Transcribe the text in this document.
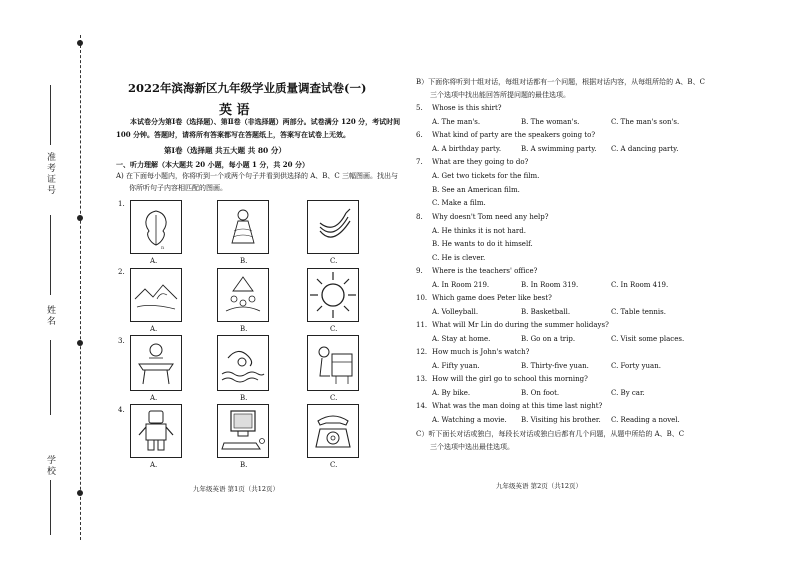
准考证号
姓名
学校
2022年滨海新区九年级学业质量调查试卷(一)
英 语
本试卷分为第Ⅰ卷（选择题）、第Ⅱ卷（非选择题）两部分。试卷满分 120 分，考试时间
100 分钟。答题时，请将所有答案都写在答题纸上，答案写在试卷上无效。
第Ⅰ卷（选择题 共五大题 共 80 分）
一、听力理解（本大题共 20 小题，每小题 1 分，共 20 分）
A) 在下面每小题内，你将听到一个或两个句子并看到供选择的 A、B、C 三幅图画。找出与
你所听句子内容相匹配的图画。
1.
n
A.	B.	C.
2.
A.	B.	C.
3.
A.	B.	C.
4.
A.	B.	C.
九年级英语 第1页（共12页）
B）下面你将听到十组对话，每组对话都有一个问题，根据对话内容，从每组所给的 A、B、C
三个选项中找出能回答所提问题的最佳选项。
5. Whose is this shirt?
A. The man's.	B. The woman's.	C. The man's son's.
6. What kind of party are the speakers going to?
A. A birthday party.	B. A swimming party. C. A dancing party.
7. What are they going to do?
A. Get two tickets for the film.
B. See an American film.
C. Make a film.
8. Why doesn't Tom need any help?
A. He thinks it is not hard.
B. He wants to do it himself.
C. He is clever.
9. Where is the teachers' office?
A. In Room 219.	B. In Room 319.	C. In Room 419.
10. Which game does Peter like best?
A. Volleyball.	B. Basketball.	C. Table tennis.
11. What will Mr Lin do during the summer holidays?
A. Stay at home.	B. Go on a trip.	C. Visit some places.
12. How much is John's watch?
A. Fifty yuan.	B. Thirty-five yuan.	C. Forty yuan.
13. How will the girl go to school this morning?
A. By bike.	B. On foot.	C. By car.
14. What was the man doing at this time last night?
A. Watching a movie. B. Visiting his brother. C. Reading a novel.
C）听下面长对话或独白，每段长对话或独白后都有几个问题，从题中所给的 A、B、C
三个选项中选出最佳选项。
九年级英语 第2页（共12页）
